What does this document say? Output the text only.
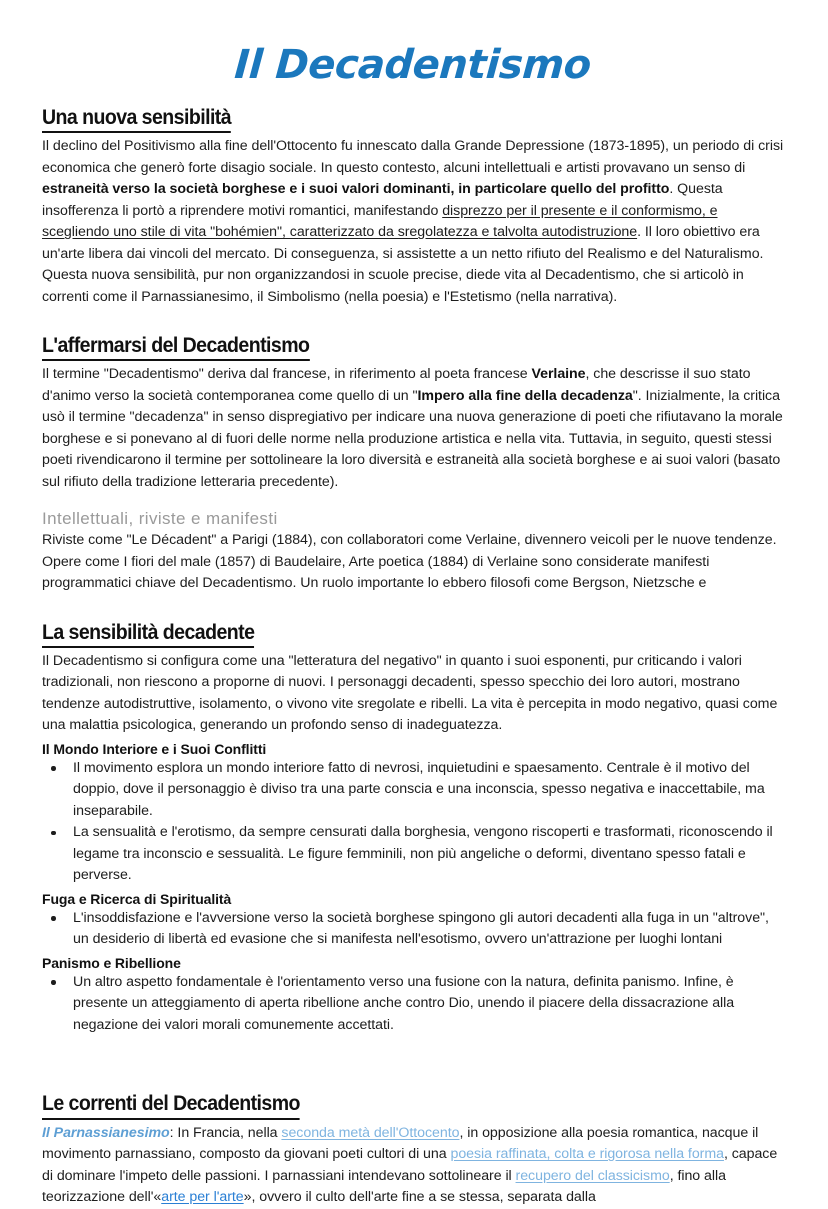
Il Decadentismo
Una nuova sensibilità

Il declino del Positivismo alla fine dell'Ottocento fu innescato dalla Grande Depressione (1873-1895), un periodo di crisi economica che generò forte disagio sociale. In questo contesto, alcuni intellettuali e artisti provavano un senso di estraneità verso la società borghese e i suoi valori dominanti, in particolare quello del profitto. Questa insofferenza li portò a riprendere motivi romantici, manifestando disprezzo per il presente e il conformismo, e scegliendo uno stile di vita "bohémien", caratterizzato da sregolatezza e talvolta autodistruzione. Il loro obiettivo era un'arte libera dai vincoli del mercato. Di conseguenza, si assistette a un netto rifiuto del Realismo e del Naturalismo. Questa nuova sensibilità, pur non organizzandosi in scuole precise, diede vita al Decadentismo, che si articolò in correnti come il Parnassianesimo, il Simbolismo (nella poesia) e l'Estetismo (nella narrativa).

L'affermarsi del Decadentismo

Il termine "Decadentismo" deriva dal francese, in riferimento al poeta francese Verlaine, che descrisse il suo stato d'animo verso la società contemporanea come quello di un "Impero alla fine della decadenza". Inizialmente, la critica usò il termine "decadenza" in senso dispregiativo per indicare una nuova generazione di poeti che rifiutavano la morale borghese e si ponevano al di fuori delle norme nella produzione artistica e nella vita. Tuttavia, in seguito, questi stessi poeti rivendicarono il termine per sottolineare la loro diversità e estraneità alla società borghese e ai suoi valori (basato sul rifiuto della tradizione letteraria precedente).

Intellettuali, riviste e manifesti

Riviste come "Le Décadent" a Parigi (1884), con collaboratori come Verlaine, divennero veicoli per le nuove tendenze. Opere come I fiori del male (1857) di Baudelaire, Arte poetica (1884) di Verlaine sono considerate manifesti programmatici chiave del Decadentismo. Un ruolo importante lo ebbero filosofi come Bergson, Nietzsche e

La sensibilità decadente

Il Decadentismo si configura come una "letteratura del negativo" in quanto i suoi esponenti, pur criticando i valori tradizionali, non riescono a proporne di nuovi. I personaggi decadenti, spesso specchio dei loro autori, mostrano tendenze autodistruttive, isolamento, o vivono vite sregolate e ribelli. La vita è percepita in modo negativo, quasi come una malattia psicologica, generando un profondo senso di inadeguatezza.

Il Mondo Interiore e i Suoi Conflitti
Il movimento esplora un mondo interiore fatto di nevrosi, inquietudini e spaesamento. Centrale è il motivo del doppio, dove il personaggio è diviso tra una parte conscia e una inconscia, spesso negativa e inaccettabile, ma inseparabile.
La sensualità e l'erotismo, da sempre censurati dalla borghesia, vengono riscoperti e trasformati, riconoscendo il legame tra inconscio e sessualità. Le figure femminili, non più angeliche o deformi, diventano spesso fatali e perverse.
Fuga e Ricerca di Spiritualità
L'insoddisfazione e l'avversione verso la società borghese spingono gli autori decadenti alla fuga in un "altrove", un desiderio di libertà ed evasione che si manifesta nell'esotismo, ovvero un'attrazione per luoghi lontani
Panismo e Ribellione
Un altro aspetto fondamentale è l'orientamento verso una fusione con la natura, definita panismo. Infine, è presente un atteggiamento di aperta ribellione anche contro Dio, unendo il piacere della dissacrazione alla negazione dei valori morali comunemente accettati.
Le correnti del Decadentismo

Il Parnassianesimo: In Francia, nella seconda metà dell'Ottocento, in opposizione alla poesia romantica, nacque il movimento parnassiano, composto da giovani poeti cultori di una poesia raffinata, colta e rigorosa nella forma, capace di dominare l'impeto delle passioni. I parnassiani intendevano sottolineare il recupero del classicismo, fino alla teorizzazione dell'«arte per l'arte», ovvero il culto dell'arte fine a se stessa, separata dalla
